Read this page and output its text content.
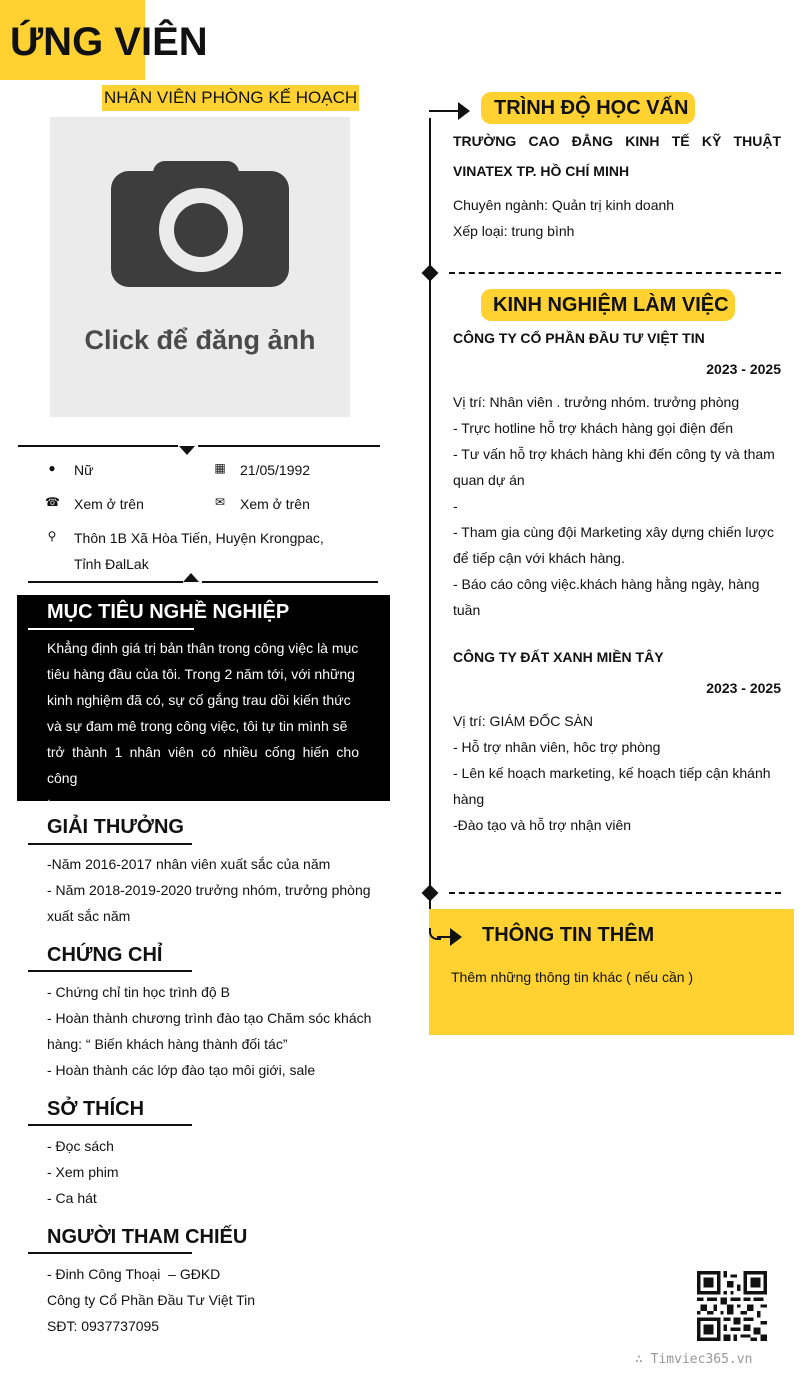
ỨNG VIÊN
NHÂN VIÊN PHÒNG KẾ HOẠCH
Click để đăng ảnh
● Nữ	▦ 21/05/1992
☎ Xem ở trên	✉ Xem ở trên
⚲ Thôn 1B Xã Hòa Tiến, Huyện Krongpac,
Tỉnh ĐalLak
MỤC TIÊU NGHỀ NGHIỆP
Khẳng định giá trị bản thân trong công việc là mục
tiêu hàng đầu của tôi. Trong 2 năm tới, với những
kinh nghiệm đã có, sự cố gắng trau dồi kiến thức
và sự đam mê trong công việc, tôi tự tin mình sẽ
trở thành 1 nhân viên có nhiều cống hiến cho công
ty
GIẢI THƯỞNG
-Năm 2016-2017 nhân viên xuất sắc của năm
- Năm 2018-2019-2020 trưởng nhóm, trưởng phòng
xuất sắc năm
CHỨNG CHỈ
- Chứng chỉ tin học trình độ B
- Hoàn thành chương trình đào tạo Chăm sóc khách
hàng: “ Biến khách hàng thành đối tác”
- Hoàn thành các lớp đào tạo môi giới, sale
SỞ THÍCH
- Đọc sách
- Xem phim
- Ca hát
NGƯỜI THAM CHIẾU
- Đinh Công Thoại  – GĐKD
Công ty Cổ Phần Đầu Tư Việt Tin
SĐT: 0937737095
TRÌNH ĐỘ HỌC VẤN
TRƯỜNG CAO ĐẲNG KINH TẾ KỸ THUẬT
VINATEX TP. HỒ CHÍ MINH
Chuyên ngành: Quản trị kinh doanh
Xếp loại: trung bình
KINH NGHIỆM LÀM VIỆC
CÔNG TY CỔ PHẦN ĐẦU TƯ VIỆT TIN
2023 - 2025
Vị trí: Nhân viên . trưởng nhóm. trưởng phòng
- Trực hotline hỗ trợ khách hàng gọi điện đến
- Tư vấn hỗ trợ khách hàng khi đến công ty và tham
quan dự án
-
- Tham gia cùng đội Marketing xây dựng chiến lược
để tiếp cận với khách hàng.
- Báo cáo công việc.khách hàng hằng ngày, hàng
tuần
CÔNG TY ĐẤT XANH MIỀN TÂY
2023 - 2025
Vị trí: GIÁM ĐỐC SÀN
- Hỗ trợ nhân viên, hôc trợ phòng
- Lên kế hoạch marketing, kế hoạch tiếp cận khánh
hàng
-Đào tạo và hỗ trợ nhận viên
THÔNG TIN THÊM
Thêm những thông tin khác ( nếu cần )
∴ Timviec365.vn
